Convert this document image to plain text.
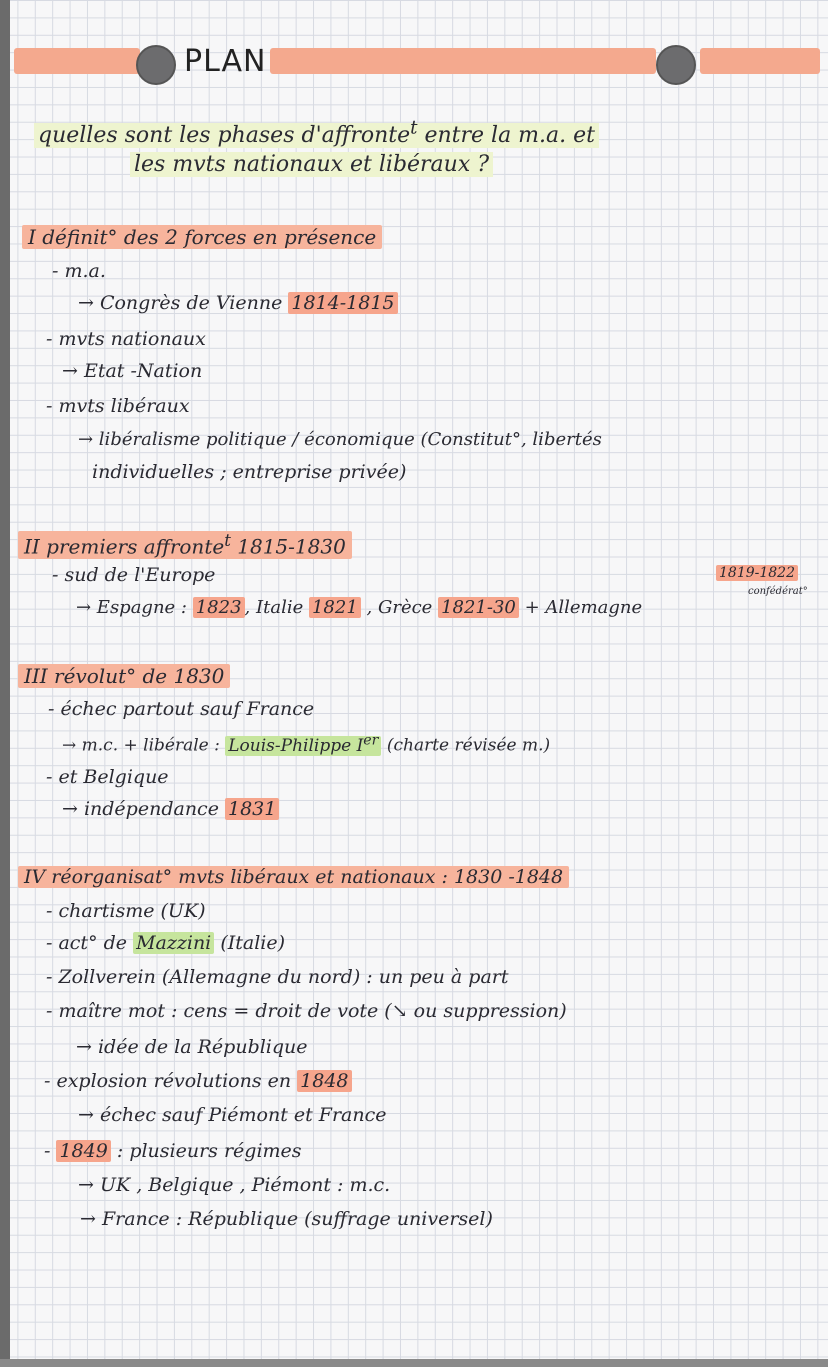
PLAN
quelles sont les phases d'affronte$^t$ entre la m.a. et
les mvts nationaux et libéraux ?
I définit° des 2 forces en présence
- m.a.
→ Congrès de Vienne 1814-1815
- mvts nationaux
→ Etat -Nation
- mvts libéraux
→ libéralisme politique / économique (Constitut°, libertés
individuelles ; entreprise privée)
II premiers affronte$^t$ 1815-1830
- sud de l'Europe	1819-1822
confédérat°
→ Espagne : 1823 , Italie 1821 , Grèce 1821-30 + Allemagne
III révolut° de 1830
- échec partout sauf France
→ m.c. + libérale : Louis-Philippe Ier (charte révisée m.)
- et Belgique
→ indépendance 1831
IV réorganisat° mvts libéraux et nationaux : 1830 -1848
- chartisme (UK)
- act° de Mazzini (Italie)
- Zollverein (Allemagne du nord) : un peu à part
- maître mot : cens = droit de vote (↘ ou suppression)
→ idée de la République
- explosion révolutions en 1848
→ échec sauf Piémont et France
- 1849 : plusieurs régimes
→ UK , Belgique , Piémont : m.c.
→ France : République (suffrage universel)
